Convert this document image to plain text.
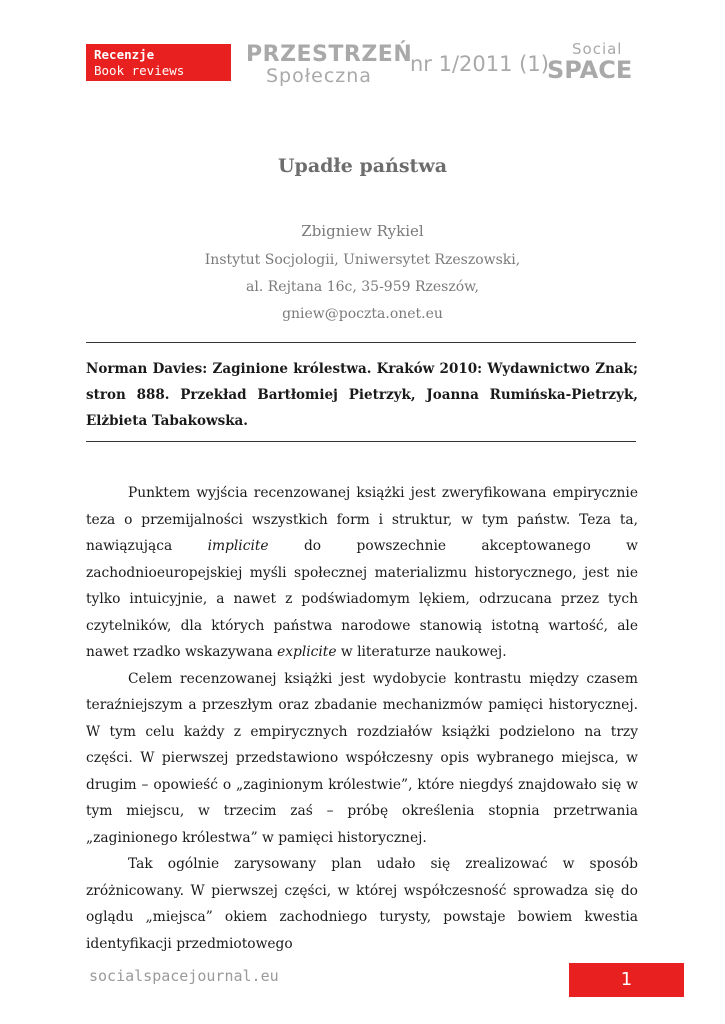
Recenzje
Book reviews
PRZESTRZEŃ
Społeczna	nr 1/2011 (1)
Social
SPACE
Upadłe państwa
Zbigniew Rykiel
Instytut Socjologii, Uniwersytet Rzeszowski,
al. Rejtana 16c, 35-959 Rzeszów,
gniew@poczta.onet.eu
Norman Davies: Zaginione królestwa. Kraków 2010: Wydawnictwo Znak; stron 888. Przekład Bartłomiej Pietrzyk, Joanna Rumińska-Pietrzyk, Elżbieta Tabakowska.

Punktem wyjścia recenzowanej książki jest zweryfikowana empirycznie teza o przemijalności wszystkich form i struktur, w tym państw. Teza ta, nawiązująca implicite do powszechnie akceptowanego w zachodnioeuropejskiej myśli społecznej materializmu historycznego, jest nie tylko intuicyjnie, a nawet z podświadomym lękiem, odrzucana przez tych czytelników, dla których państwa narodowe stanowią istotną wartość, ale nawet rzadko wskazywana explicite w literaturze naukowej.

Celem recenzowanej książki jest wydobycie kontrastu między czasem teraźniejszym a przeszłym oraz zbadanie mechanizmów pamięci historycznej. W tym celu każdy z empirycznych rozdziałów książki podzielono na trzy części. W pierwszej przedstawiono współczesny opis wybranego miejsca, w drugim – opowieść o „zaginionym królestwie”, które niegdyś znajdowało się w tym miejscu, w trzecim zaś – próbę określenia stopnia przetrwania „zaginionego królestwa” w pamięci historycznej.

Tak ogólnie zarysowany plan udało się zrealizować w sposób zróżnicowany. W pierwszej części, w której współczesność sprowadza się do oglądu „miejsca” okiem zachodniego turysty, powstaje bowiem kwestia identyfikacji przedmiotowego

socialspacejournal.eu	1
